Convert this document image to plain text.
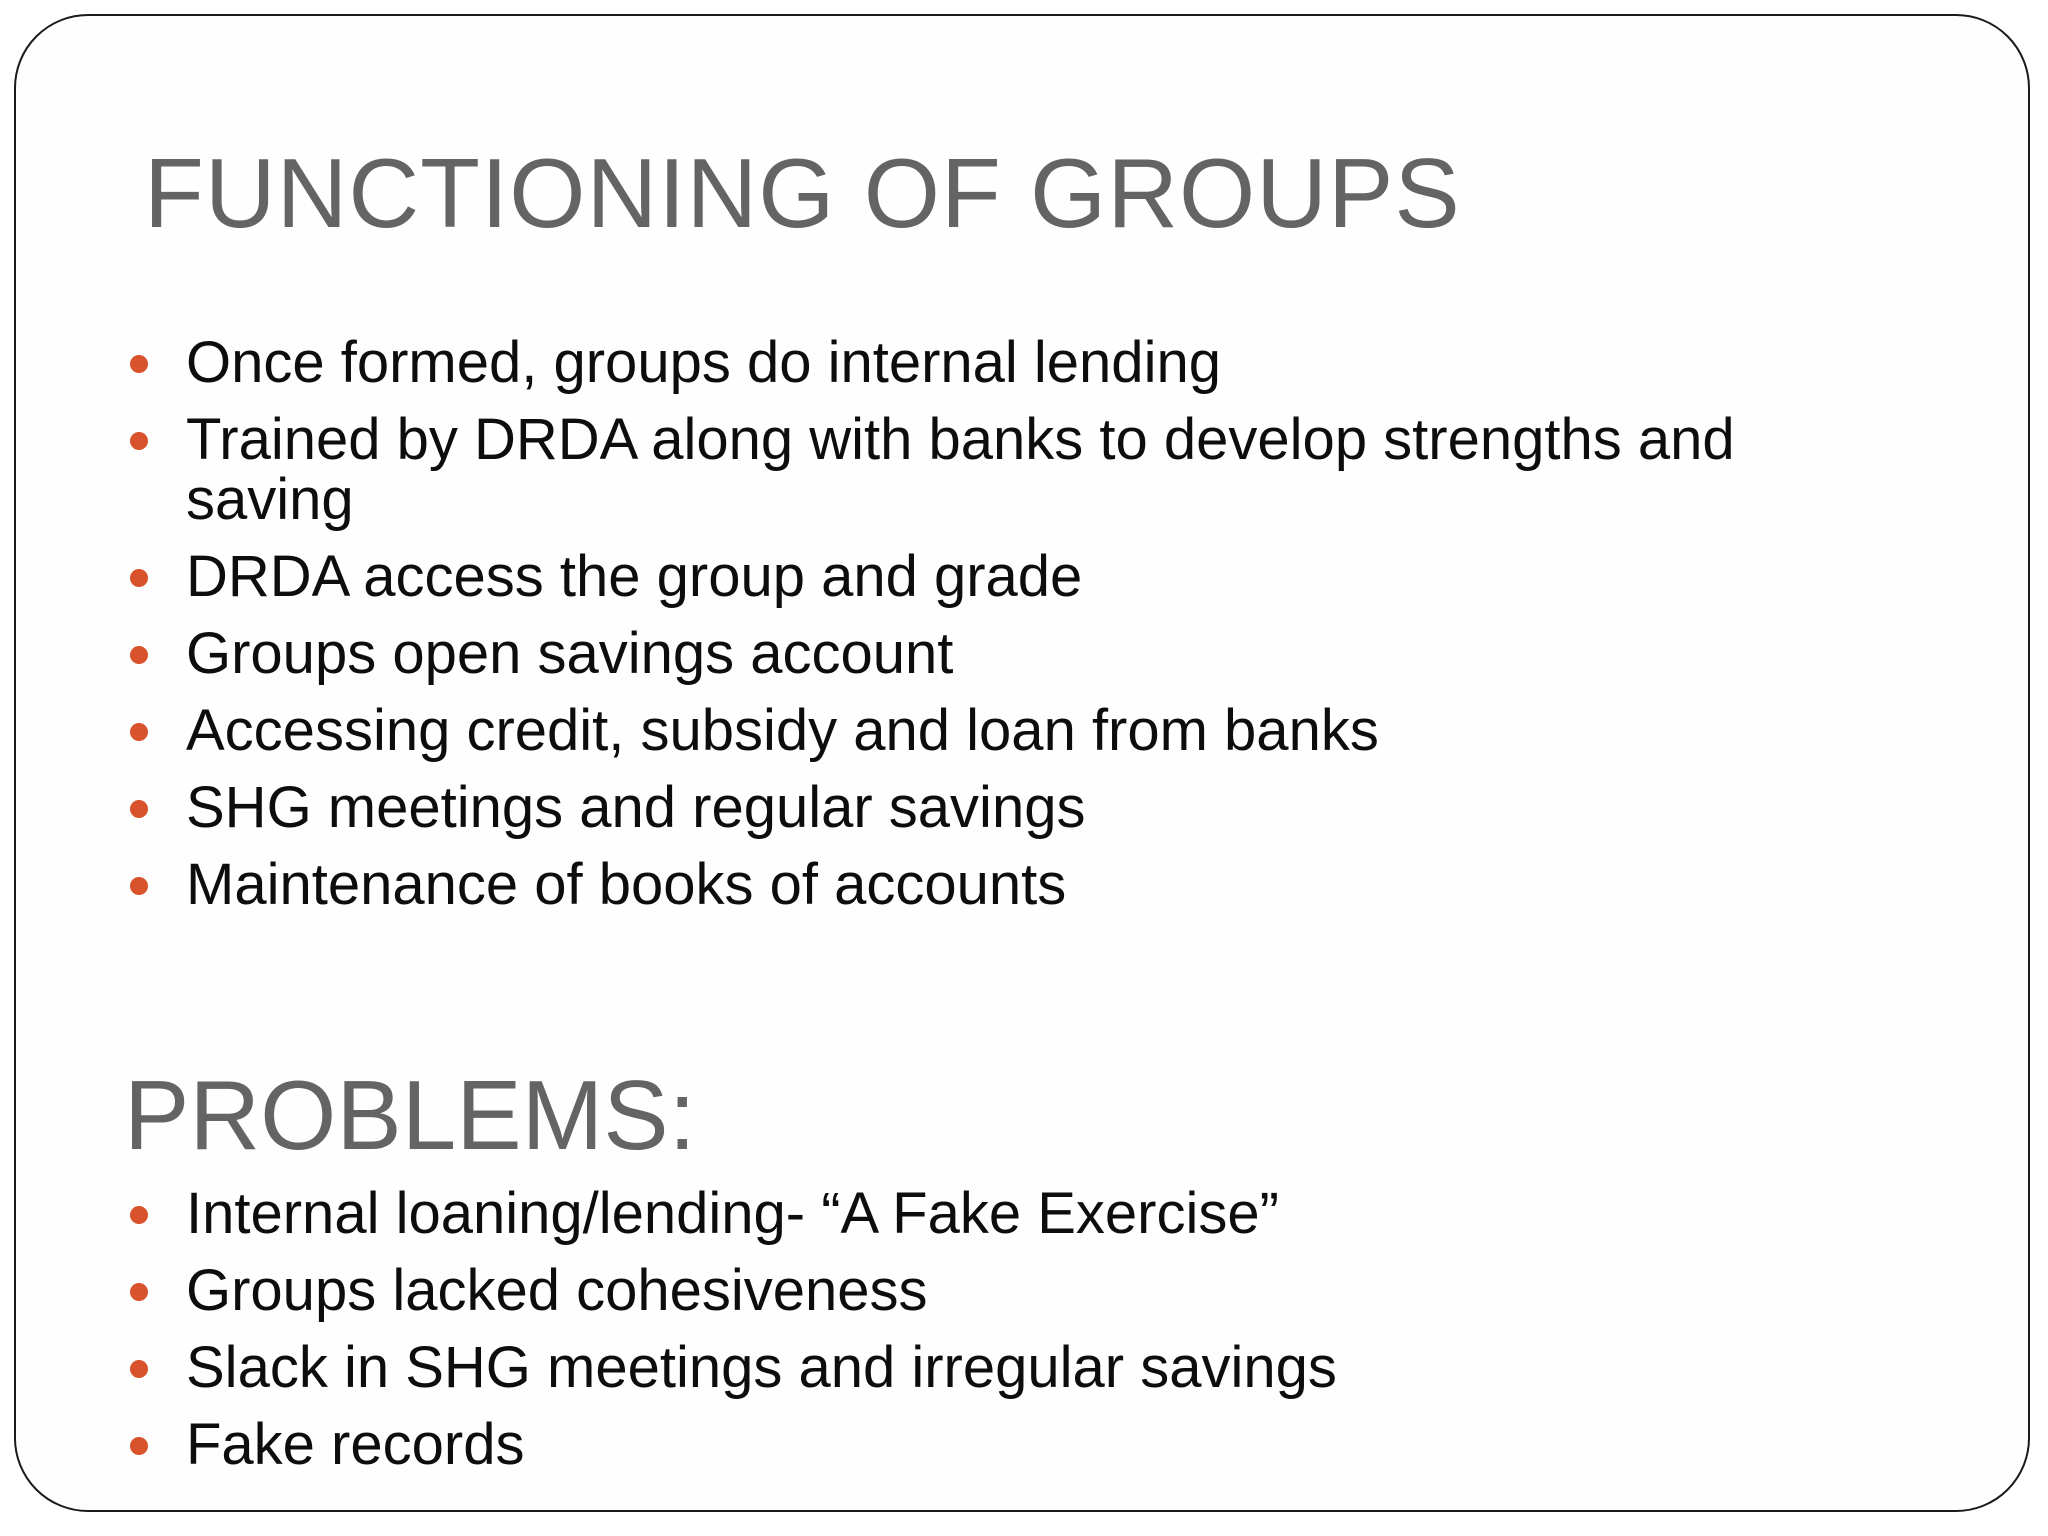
FUNCTIONING OF GROUPS
Once formed, groups do internal lending
Trained by DRDA along with banks to develop strengths and saving
DRDA access the group and grade
Groups open savings account
Accessing credit, subsidy and loan from banks
SHG meetings and regular savings
Maintenance of books of accounts
PROBLEMS:
Internal loaning/lending- “A Fake Exercise”
Groups lacked cohesiveness
Slack in SHG meetings and irregular savings
Fake records
